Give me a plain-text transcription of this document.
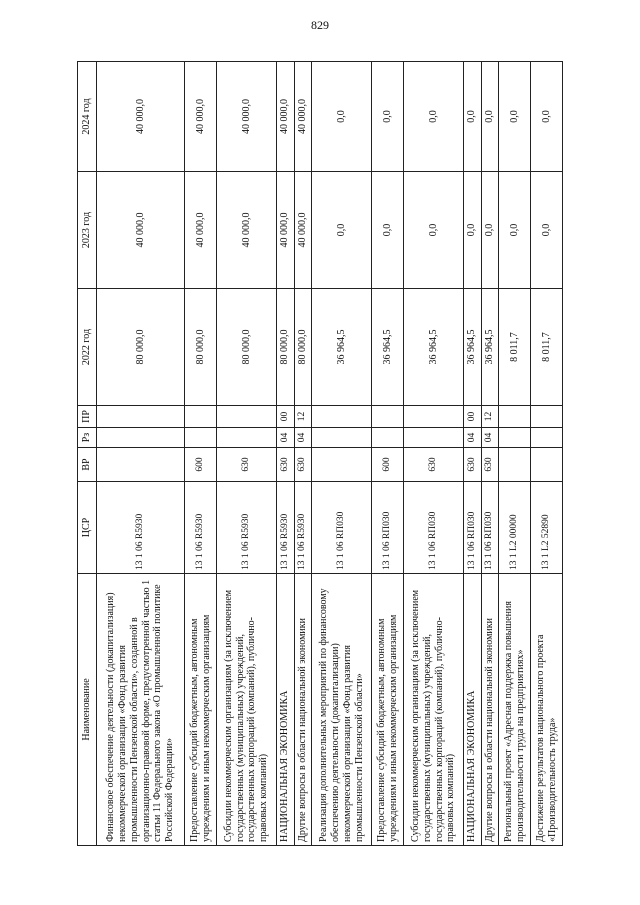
829
Наименование	ЦСР	ВР	Рз	ПР	2022 год	2023 год	2024 год
Финансовое обеспечение деятельности (докапитализация) некоммерческой организации «Фонд развития промышленности Пензенской области», созданной в организационно-правовой форме, предусмотренной частью 1 статьи 11 Федерального закона «О промышленной политике Российской Федерации»	13 1 06 R5930				80 000,0	40 000,0	40 000,0
Предоставление субсидий бюджетным, автономным учреждениям и иным некоммерческим организациям	13 1 06 R5930	600			80 000,0	40 000,0	40 000,0
Субсидии некоммерческим организациям (за исключением государственных (муниципальных) учреждений, государственных корпораций (компаний), публично-правовых компаний)	13 1 06 R5930	630			80 000,0	40 000,0	40 000,0
НАЦИОНАЛЬНАЯ ЭКОНОМИКА	13 1 06 R5930	630	04	00	80 000,0	40 000,0	40 000,0
Другие вопросы в области национальной экономики	13 1 06 R5930	630	04	12	80 000,0	40 000,0	40 000,0
Реализация дополнительных мероприятий по финансовому обеспечению деятельности (докапитализации) некоммерческой организации «Фонд развития промышленности Пензенской области»	13 1 06 RП030				36 964,5	0,0	0,0
Предоставление субсидий бюджетным, автономным учреждениям и иным некоммерческим организациям	13 1 06 RП030	600			36 964,5	0,0	0,0
Субсидии некоммерческим организациям (за исключением государственных (муниципальных) учреждений, государственных корпораций (компаний), публично-правовых компаний)	13 1 06 RП030	630			36 964,5	0,0	0,0
НАЦИОНАЛЬНАЯ ЭКОНОМИКА	13 1 06 RП030	630	04	00	36 964,5	0,0	0,0
Другие вопросы в области национальной экономики	13 1 06 RП030	630	04	12	36 964,5	0,0	0,0
Региональный проект «Адресная поддержка повышения производительности труда на предприятиях»	13 1 L2 00000				8 011,7	0,0	0,0
Достижение результатов национального проекта «Производительность труда»	13 1 L2 52890				8 011,7	0,0	0,0
